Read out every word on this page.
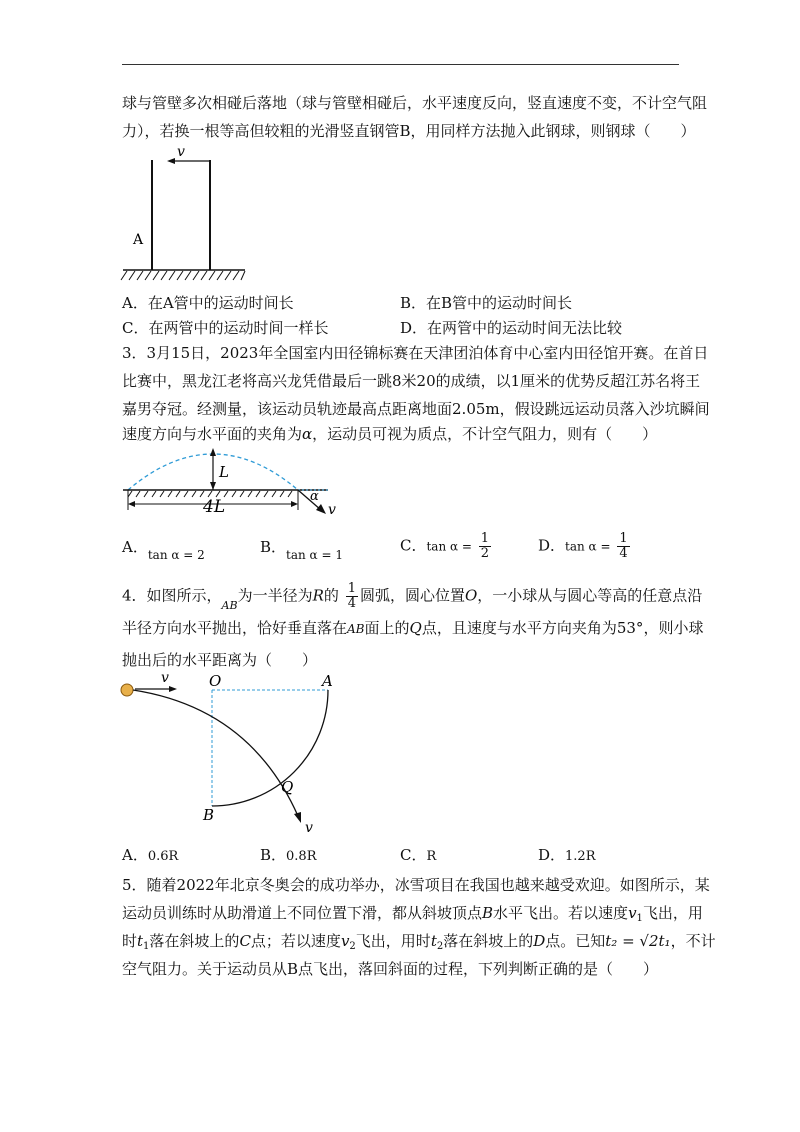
球与管壁多次相碰后落地（球与管壁相碰后，水平速度反向，竖直速度不变，不计空气阻
力），若换一根等高但较粗的光滑竖直钢管B，用同样方法抛入此钢球，则钢球（　　）
v
A
A．在A管中的运动时间长	B．在B管中的运动时间长
C．在两管中的运动时间一样长	D．在两管中的运动时间无法比较
3．3月15日，2023年全国室内田径锦标赛在天津团泊体育中心室内田径馆开赛。在首日
比赛中，黑龙江老将高兴龙凭借最后一跳8米20的成绩，以1厘米的优势反超江苏名将王
嘉男夺冠。经测量，该运动员轨迹最高点距离地面2.05m，假设跳远运动员落入沙坑瞬间
速度方向与水平面的夹角为α，运动员可视为质点，不计空气阻力，则有（　　）
L
4L
α
v
A．$_{tan \alpha = 2}$	B．$_{tan \alpha = 1}$
C．$\tan \alpha = \frac{1}{2}$	D．$\tan \alpha = \frac{1}{4}$
4．如图所示，$_{AB}$为一半径为R的 $\frac{1}{4}$ 圆弧，圆心位置O，一小球从与圆心等高的任意点沿
半径方向水平抛出，恰好垂直落在AB面上的Q点，且速度与水平方向夹角为53°，则小球
抛出后的水平距离为（　　）
v	O	A
v
Q
B
A．0.6R	B．0.8R	C．R	D．1.2R
5．随着2022年北京冬奥会的成功举办，冰雪项目在我国也越来越受欢迎。如图所示，某
运动员训练时从助滑道上不同位置下滑，都从斜坡顶点B水平飞出。若以速度$v_1$飞出，用
时$t_1$落在斜坡上的C点；若以速度$v_2$飞出，用时$t_2$落在斜坡上的D点。已知t₂ = √2t₁，不计
空气阻力。关于运动员从B点飞出，落回斜面的过程，下列判断正确的是（　　）
